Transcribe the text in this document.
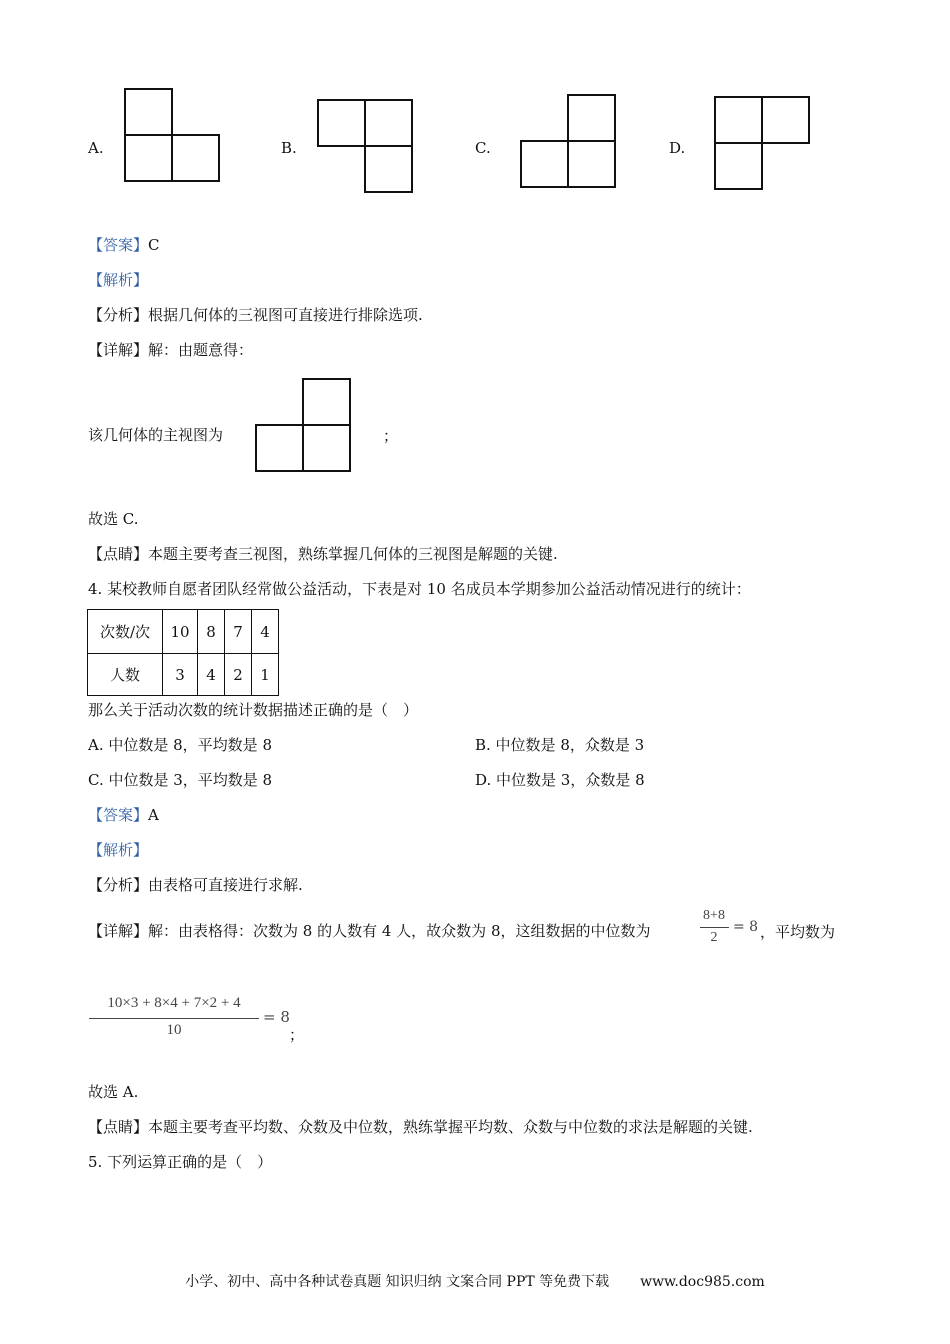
A.	B.	C.	D.
【答案】C
【解析】
【分析】根据几何体的三视图可直接进行排除选项.
【详解】解：由题意得：
该几何体的主视图为	；
故选 C.
【点睛】本题主要考查三视图，熟练掌握几何体的三视图是解题的关键.
4. 某校教师自愿者团队经常做公益活动，下表是对 10 名成员本学期参加公益活动情况进行的统计：
次数/次	10	8	7	4
人数	3	4	2	1
那么关于活动次数的统计数据描述正确的是（　）
A. 中位数是 8，平均数是 8	B. 中位数是 8，众数是 3
C. 中位数是 3，平均数是 8	D. 中位数是 3，众数是 8
【答案】A
【解析】
【分析】由表格可直接进行求解.
【详解】解：由表格得：次数为 8 的人数有 4 人，故众数为 8，这组数据的中位数为
8+8
2
= 8 ，平均数为
10×3 + 8×4 + 7×2 + 4
10
= 8
；
故选 A.
【点睛】本题主要考查平均数、众数及中位数，熟练掌握平均数、众数与中位数的求法是解题的关键.
5. 下列运算正确的是（　）
小学、初中、高中各种试卷真题 知识归纳 文案合同 PPT 等免费下载 www.doc985.com
